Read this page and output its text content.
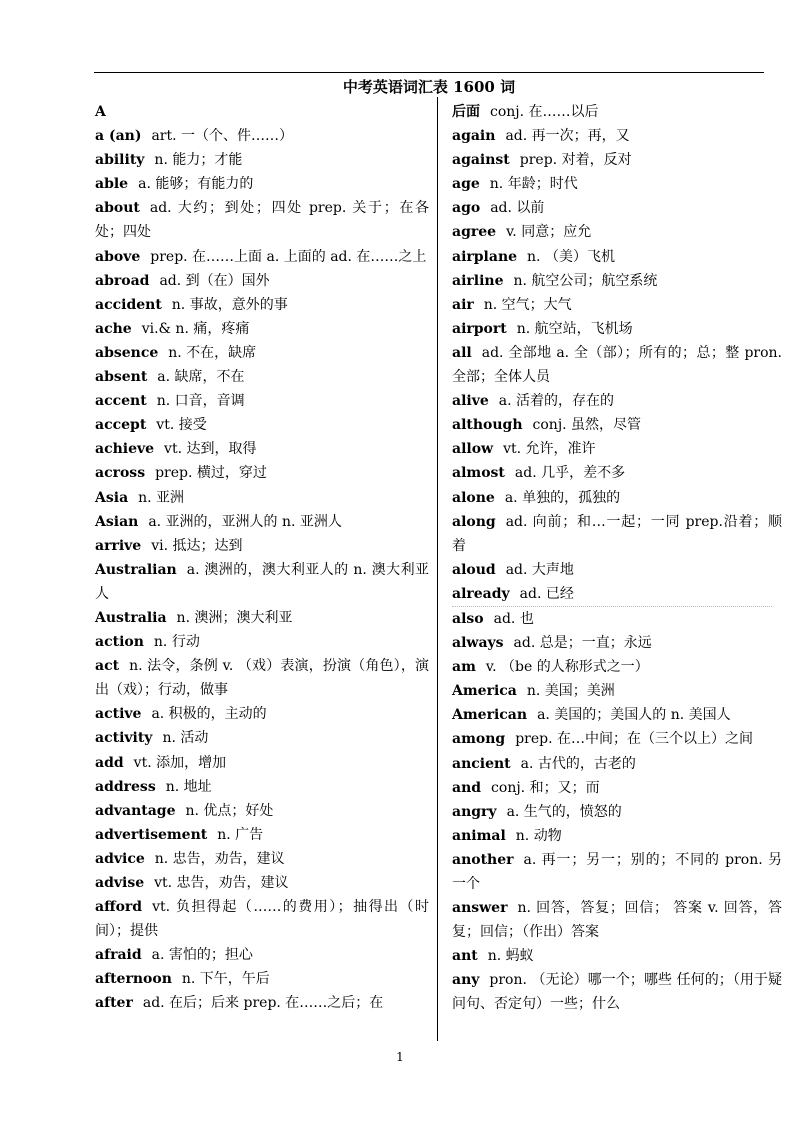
中考英语词汇表 1600 词

A

a (an) art. 一（个、件……）

ability n. 能力；才能

able a. 能够；有能力的

about ad. 大约；到处；四处 prep. 关于；在各处；四处

above prep. 在……上面 a. 上面的 ad. 在……之上

abroad ad. 到（在）国外

accident n. 事故，意外的事

ache vi.& n. 痛，疼痛

absence n. 不在，缺席

absent a. 缺席，不在

accent n. 口音，音调

accept vt. 接受

achieve vt. 达到，取得

across prep. 横过，穿过

Asia n. 亚洲

Asian a. 亚洲的，亚洲人的 n. 亚洲人

arrive vi. 抵达；达到

Australian a. 澳洲的，澳大利亚人的 n. 澳大利亚人

Australia n. 澳洲；澳大利亚

action n. 行动

act n. 法令，条例 v. （戏）表演，扮演（角色），演出（戏）；行动，做事

active a. 积极的，主动的

activity n. 活动

add vt. 添加，增加

address n. 地址

advantage n. 优点；好处

advertisement n. 广告

advice n. 忠告，劝告，建议

advise vt. 忠告，劝告，建议

afford vt. 负担得起（……的费用）；抽得出（时间）；提供

afraid a. 害怕的；担心

afternoon n. 下午，午后

after ad. 在后；后来 prep. 在……之后；在

后面 conj. 在……以后

again ad. 再一次；再，又

against prep. 对着，反对

age n. 年龄；时代

ago ad. 以前

agree v. 同意；应允

airplane n. （美）飞机

airline n. 航空公司；航空系统

air n. 空气；大气

airport n. 航空站，飞机场

all ad. 全部地 a. 全（部）；所有的；总；整 pron. 全部；全体人员

alive a. 活着的，存在的

although conj. 虽然，尽管

allow vt. 允许，准许

almost ad. 几乎，差不多

alone a. 单独的，孤独的

along ad. 向前；和…一起；一同 prep.沿着；顺着

aloud ad. 大声地

already ad. 已经

also ad. 也

always ad. 总是；一直；永远

am v. （be 的人称形式之一）

America n. 美国；美洲

American a. 美国的；美国人的 n. 美国人

among prep. 在…中间；在（三个以上）之间

ancient a. 古代的，古老的

and conj. 和；又；而

angry a. 生气的，愤怒的

animal n. 动物

another a. 再一；另一；别的；不同的 pron. 另一个

answer n. 回答，答复；回信； 答案 v. 回答，答复；回信；（作出）答案

ant n. 蚂蚁

any pron. （无论）哪一个；哪些 任何的；（用于疑问句、否定句）一些；什么

1
